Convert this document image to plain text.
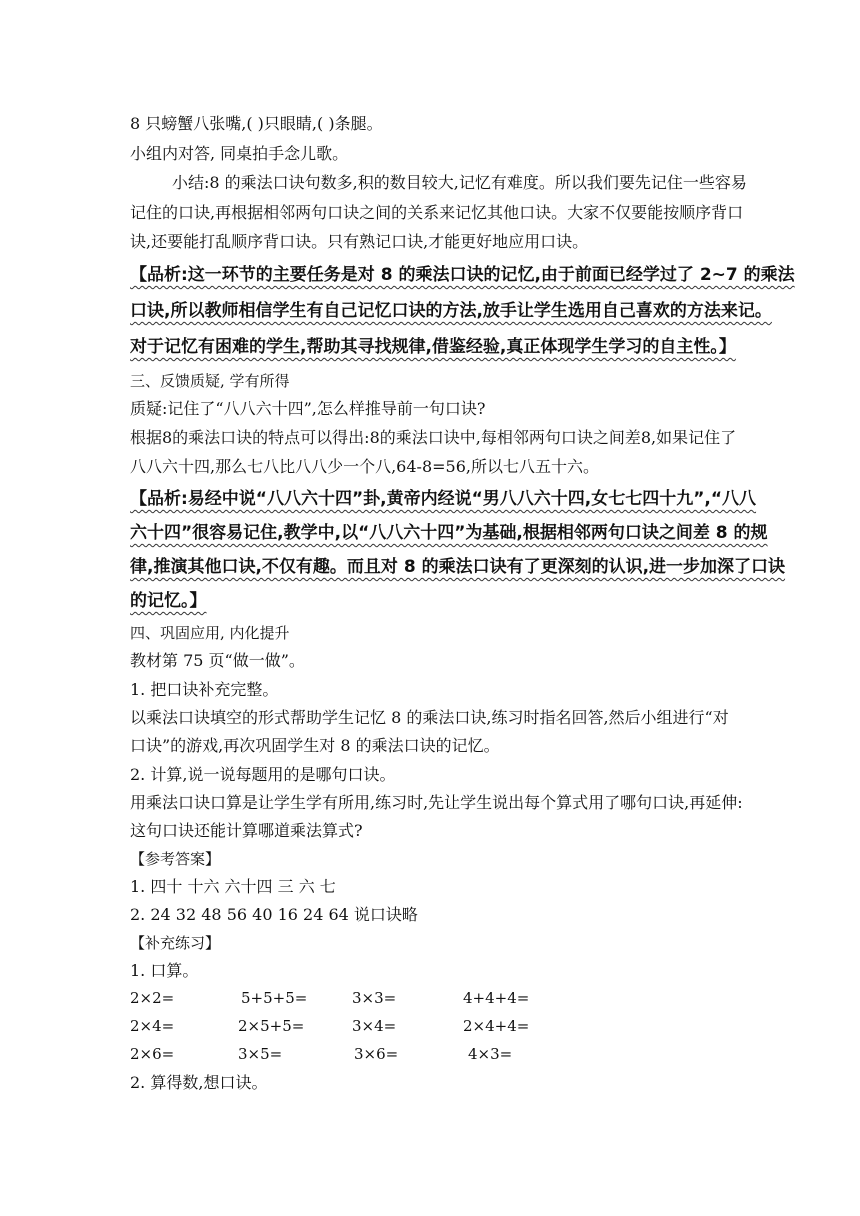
8 只螃蟹八张嘴,( )只眼睛,( )条腿。
小组内对答, 同桌拍手念儿歌。
小结:8 的乘法口诀句数多,积的数目较大,记忆有难度。所以我们要先记住一些容易
记住的口诀,再根据相邻两句口诀之间的关系来记忆其他口诀。大家不仅要能按顺序背口
诀,还要能打乱顺序背口诀。只有熟记口诀,才能更好地应用口诀。
【品析:这一环节的主要任务是对 8 的乘法口诀的记忆,由于前面已经学过了 2~7 的乘法
口诀,所以教师相信学生有自己记忆口诀的方法,放手让学生选用自己喜欢的方法来记。
对于记忆有困难的学生,帮助其寻找规律,借鉴经验,真正体现学生学习的自主性。】
三、反馈质疑, 学有所得
质疑:记住了“八八六十四”,怎么样推导前一句口诀?
根据8的乘法口诀的特点可以得出:8的乘法口诀中,每相邻两句口诀之间差8,如果记住了
八八六十四,那么七八比八八少一个八,64-8=56,所以七八五十六。
【品析:易经中说“八八六十四”卦,黄帝内经说“男八八六十四,女七七四十九”,“八八
六十四”很容易记住,教学中,以“八八六十四”为基础,根据相邻两句口诀之间差 8 的规
律,推演其他口诀,不仅有趣。而且对 8 的乘法口诀有了更深刻的认识,进一步加深了口诀
的记忆。】
四、巩固应用, 内化提升
教材第 75 页“做一做”。
1. 把口诀补充完整。
以乘法口诀填空的形式帮助学生记忆 8 的乘法口诀,练习时指名回答,然后小组进行“对
口诀”的游戏,再次巩固学生对 8 的乘法口诀的记忆。
2. 计算,说一说每题用的是哪句口诀。
用乘法口诀口算是让学生学有所用,练习时,先让学生说出每个算式用了哪句口诀,再延伸:
这句口诀还能计算哪道乘法算式?
【参考答案】
1. 四十 十六 六十四 三 六 七
2. 24 32 48 56 40 16 24 64 说口诀略
【补充练习】
1. 口算。
2×2=	5+5+5=	3×3=	4+4+4=
2×4=	2×5+5=	3×4=	2×4+4=
2×6=	3×5=	3×6=	4×3=
2. 算得数,想口诀。
